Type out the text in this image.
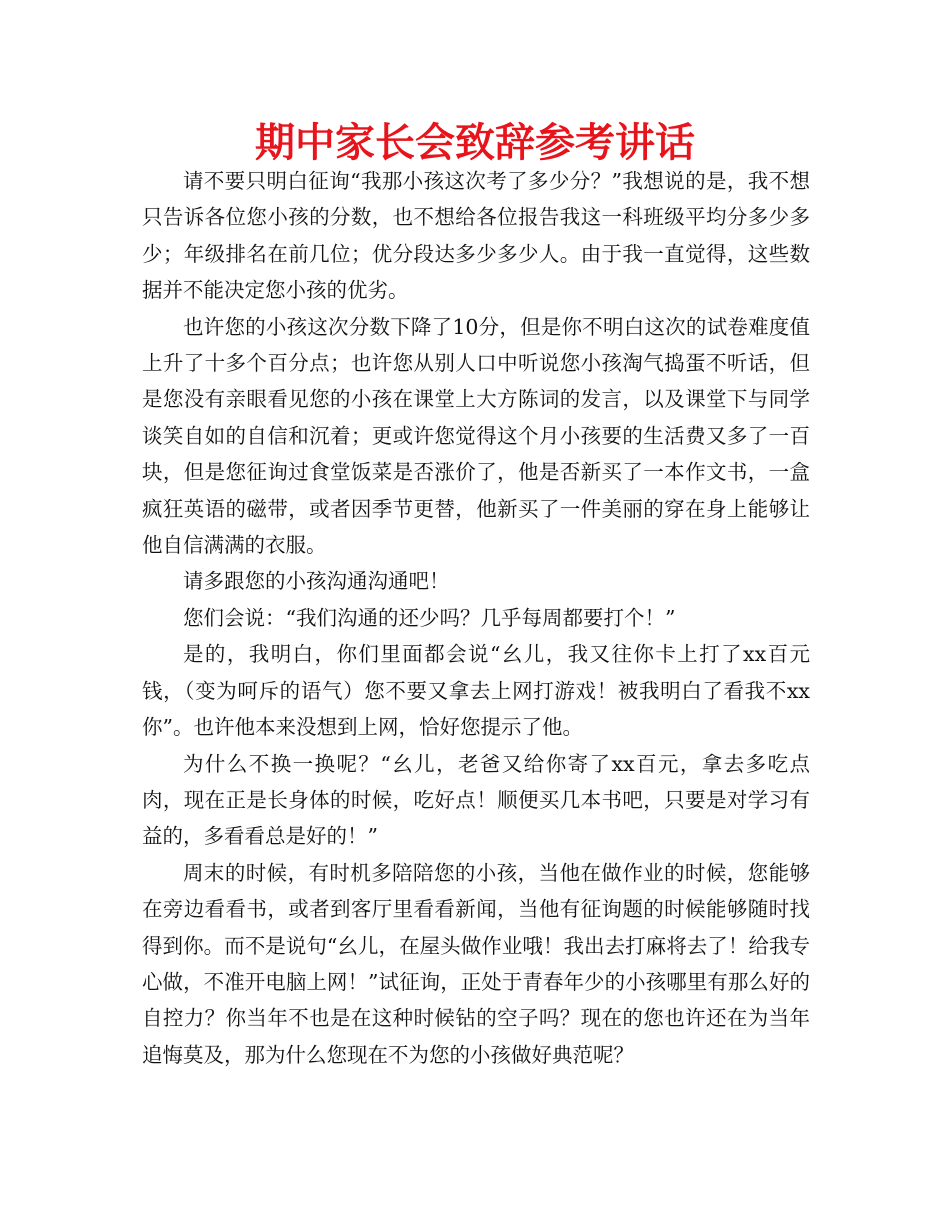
期中家长会致辞参考讲话

请不要只明白征询“我那小孩这次考了多少分？”我想说的是，我不想只告诉各位您小孩的分数，也不想给各位报告我这一科班级平均分多少多少；年级排名在前几位；优分段达多少多少人。由于我一直觉得，这些数据并不能决定您小孩的优劣。

也许您的小孩这次分数下降了10分，但是你不明白这次的试卷难度值上升了十多个百分点；也许您从别人口中听说您小孩淘气捣蛋不听话，但是您没有亲眼看见您的小孩在课堂上大方陈词的发言，以及课堂下与同学谈笑自如的自信和沉着；更或许您觉得这个月小孩要的生活费又多了一百块，但是您征询过食堂饭菜是否涨价了，他是否新买了一本作文书，一盒疯狂英语的磁带，或者因季节更替，他新买了一件美丽的穿在身上能够让他自信满满的衣服。

请多跟您的小孩沟通沟通吧！

您们会说：“我们沟通的还少吗？几乎每周都要打个！”

是的，我明白，你们里面都会说“幺儿，我又往你卡上打了xx百元钱，（变为呵斥的语气）您不要又拿去上网打游戏！被我明白了看我不xx你”。也许他本来没想到上网，恰好您提示了他。

为什么不换一换呢？“幺儿，老爸又给你寄了xx百元，拿去多吃点肉，现在正是长身体的时候，吃好点！顺便买几本书吧，只要是对学习有益的，多看看总是好的！”

周末的时候，有时机多陪陪您的小孩，当他在做作业的时候，您能够在旁边看看书，或者到客厅里看看新闻，当他有征询题的时候能够随时找得到你。而不是说句“幺儿，在屋头做作业哦！我出去打麻将去了！给我专心做，不准开电脑上网！”试征询，正处于青春年少的小孩哪里有那么好的自控力？你当年不也是在这种时候钻的空子吗？现在的您也许还在为当年追悔莫及，那为什么您现在不为您的小孩做好典范呢？
